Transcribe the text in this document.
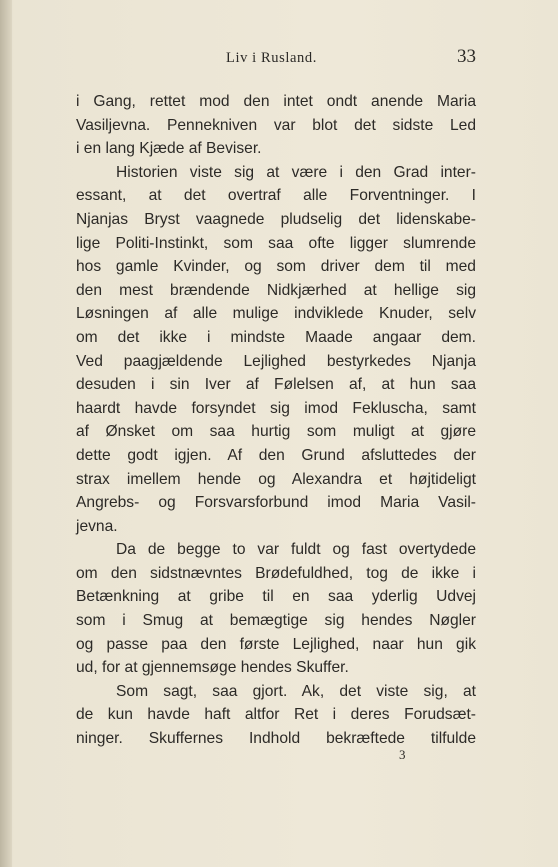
Liv i Rusland.	33
i Gang, rettet mod den intet ondt anende Maria
Vasiljevna. Pennekniven var blot det sidste Led
i en lang Kjæde af Beviser.
Historien viste sig at være i den Grad inter-
essant, at det overtraf alle Forventninger. I
Njanjas Bryst vaagnede pludselig det lidenskabe-
lige Politi-Instinkt, som saa ofte ligger slumrende
hos gamle Kvinder, og som driver dem til med
den mest brændende Nidkjærhed at hellige sig
Løsningen af alle mulige indviklede Knuder, selv
om det ikke i mindste Maade angaar dem.
Ved paagjældende Lejlighed bestyrkedes Njanja
desuden i sin Iver af Følelsen af, at hun saa
haardt havde forsyndet sig imod Fekluscha, samt
af Ønsket om saa hurtig som muligt at gjøre
dette godt igjen. Af den Grund afsluttedes der
strax imellem hende og Alexandra et højtideligt
Angrebs- og Forsvarsforbund imod Maria Vasil-
jevna.
Da de begge to var fuldt og fast overtydede
om den sidstnævntes Brødefuldhed, tog de ikke i
Betænkning at gribe til en saa yderlig Udvej
som i Smug at bemægtige sig hendes Nøgler
og passe paa den første Lejlighed, naar hun gik
ud, for at gjennemsøge hendes Skuffer.
Som sagt, saa gjort. Ak, det viste sig, at
de kun havde haft altfor Ret i deres Forudsæt-
ninger. Skuffernes Indhold bekræftede tilfulde
3
